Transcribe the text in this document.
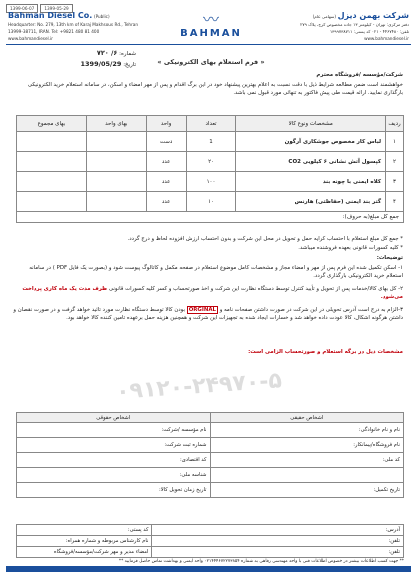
1399-06-07	1399-05-29
Bahman Diesel Co. (Public)
Headquarter: No. 279, 13th km of Karaj Makhsous Rd., Tehran
13999-38711, IRAN. Tel: +9821 480 81 400
www.bahmandiesel.ir
〰
BAHMAN
شرکت بهمن دیزل (سهامی عام)
دفتر مرکزی: تهران - کیلومتر ۱۳ جاده مخصوص کرج، پلاک ۲۷۹
تلفن: ۴۴۶۷۴۸۰ - ۰۲۱ کد پستی: ۱۳۹۹۷۳۸۷۱۱
www.bahmandiesel.ir
شماره: ۶/ ۷۲۰
تاریخ: 1399/05/29	« فرم استعلام بهای الکترونیکی »
شرکت/مؤسسه /فروشگاه محترم
خواهشمند است ضمن مطالعه شرایط ذیل با دقت نسبت به اعلام بهترین پیشنهاد خود در این برگ اقدام و پس از مهر امضاء و اسکن، در سامانه استعلام خرید الکترونیکی بارگذاری نمایید. ارائه قیمت طی پیش فاکتور به تنهائی مورد قبول نمی باشد.
ردیف	مشخصات ونوع کالا	تعداد	واحد	بهای واحد	بهای مجموع
۱	لباس کار مخصوص جوشکاری آرگون	1	دست		
۲	کپسول آتش نشانی ۶ کیلویی CO2	۲۰	عدد		
۳	کلاه ایمنی با چونه بند	۱۰۰	عدد		
۴	گتر بند ایمنی (حفاظتی) هارنس	۱۰	عدد		
جمع کل مبلغ(به حروف):					
* جمع کل مبلغ استعلام با احتساب کرایه حمل و تحویل در محل این شرکت و بدون احتساب ارزش افزوده لحاظ و درج گردد.
* کلیه کسورات قانونی بعهده فروشنده میباشد.
توضیحات:
۱- اسکن تکمیل شده این فرم پس از مهر و امضاء مجاز و مشخصات کامل موضوع استعلام در صفحه مکمل و کاتالوگ پیوست شود و (بصورت یک فایل PDF ) در سامانه استعلام خرید الکترونیکی بارگذاری گردد.
۲- کل بهای کالا/خدمات پس از تحویل و تأیید کنترل توسط دستگاه نظارت این شرکت و اخذ صورتحساب و کسر کلیه کسورات قانونی ظرف مدت یک ماه کاری پرداخت می‌شود.
۳-الزام به درج است آدرس تحویلی در این شرکت در صورت داشتن صفحات نامه و ORGINAL بودن کالا توسط دستگاه نظارت مورد تائید خواهد گرفت و در صورت نقصان و داشتن هرگونه اشکال، کالا عودت داده خواهد شد و خسارات ایجاد شده به تجهیزات این شرکت و همچنین هزینه حمل برعهده تامین کننده کالا خواهد بود.
مشخصات ذیل در برگه استعلام و صورتحساب الزامی است:
۰۹۱۲۰-۲۴۹۷۰-۵
اشخاص حقیقی	اشخاص حقوقی
نام و نام خانوادگی:	نام مؤسسه /شرکت:
نام فروشگاه/پیمانکار:	شماره ثبت شرکت:
کد ملی:	کد اقتصادی:
	شناسه ملی:
تاریخ تکمیل:	تاریخ زمان تحویل کالا:
آدرس:	کد پستی:
تلفن:	نام کارشناس مربوطه و شماره همراه:
تلفن:	امضاء مدیر و مهر شرکت/مؤسسه/فروشگاه
** جهت کسب اطلاعات بیشتر در خصوص اطلاعات فنی با واحد مهندسی رفاهی به شماره ۰۲۱۴۴۴۶۷۲۲۷۳۸۵۴ واحد ایمنی و بهداشت تماس حاصل فرمایید **
